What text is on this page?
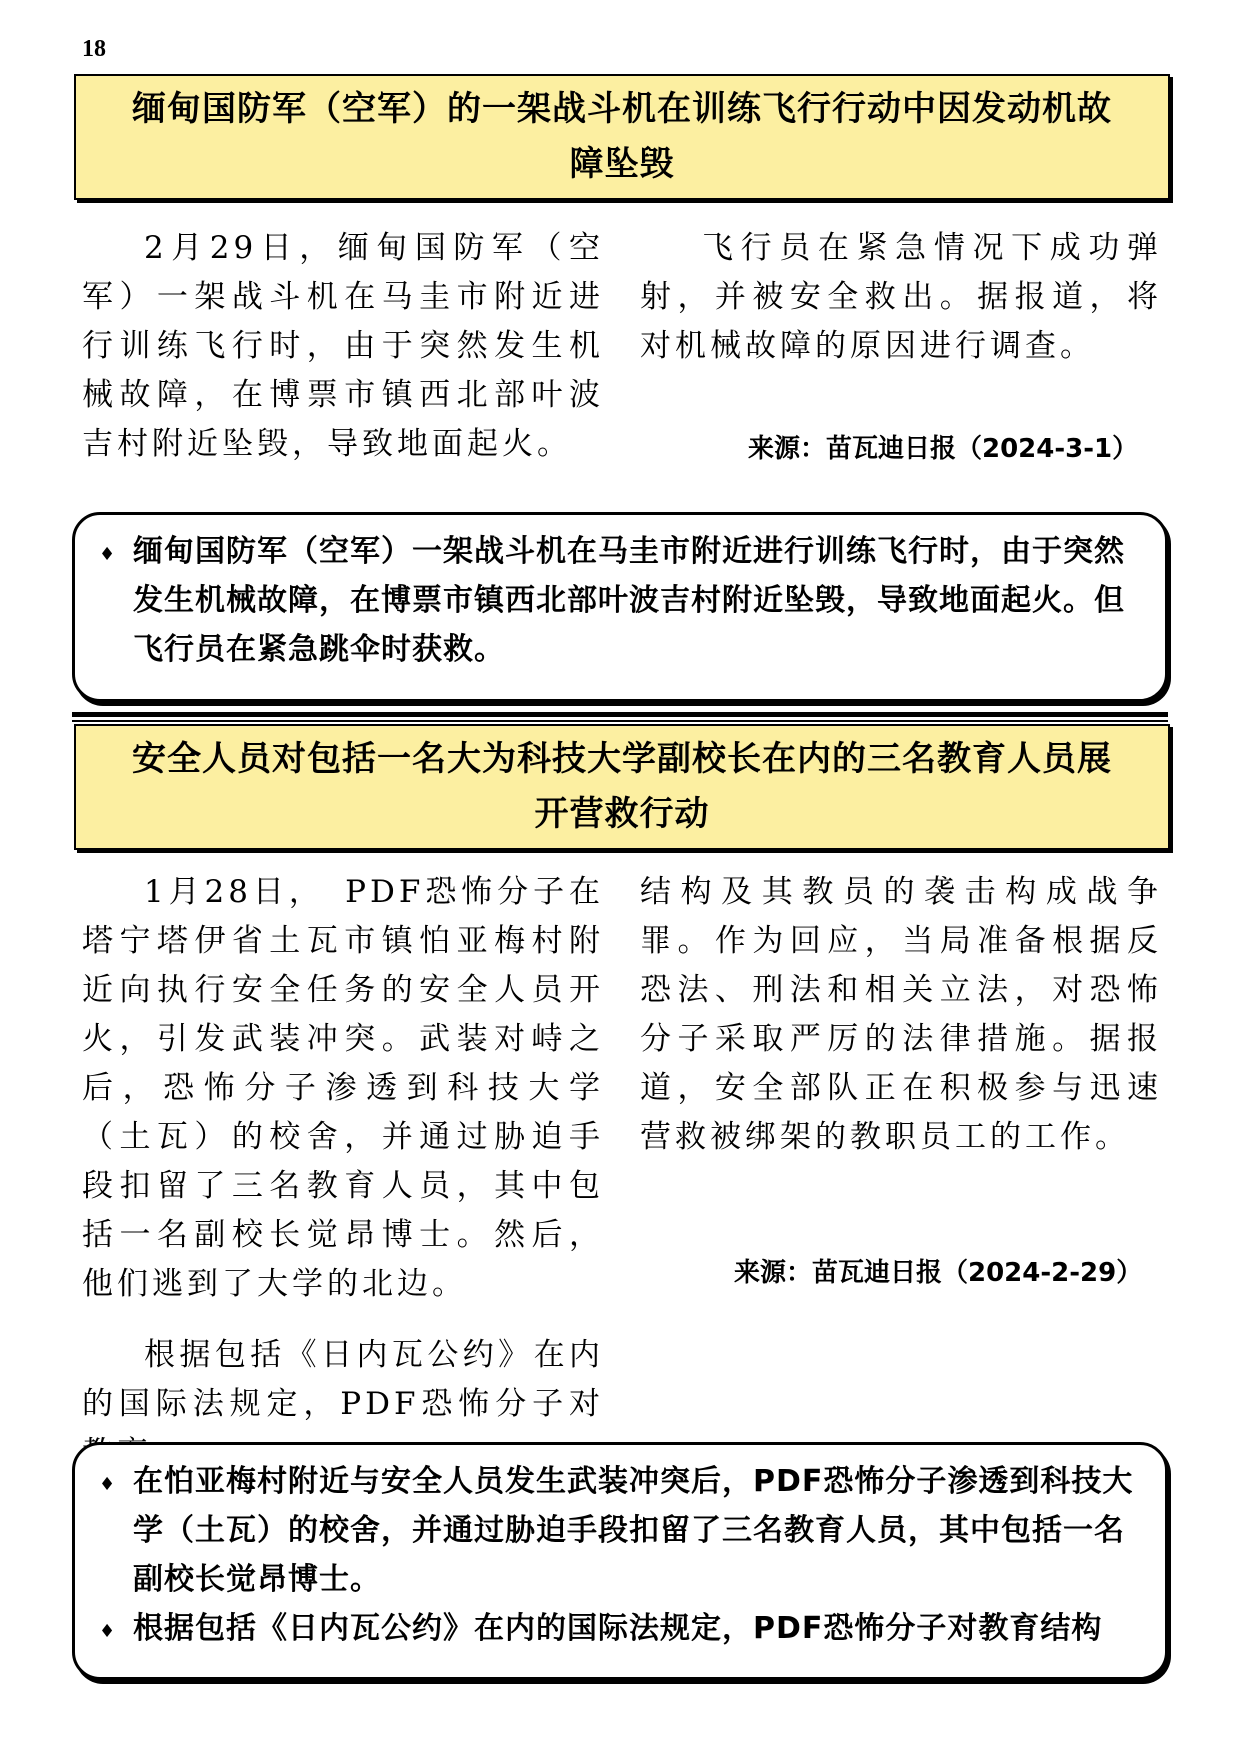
18
缅甸国防军（空军）的一架战斗机在训练飞行行动中因发动机故
障坠毁

2月29日，缅甸国防军（空军）一架战斗机在马圭市附近进行训练飞行时，由于突然发生机械故障，在博票市镇西北部叶波吉村附近坠毁，导致地面起火。

飞行员在紧急情况下成功弹射，并被安全救出。据报道，将对机械故障的原因进行调查。

来源：苗瓦迪日报（2024-3-1）
♦ 缅甸国防军（空军）一架战斗机在马圭市附近进行训练飞行时，由于突然发生机械故障，在博票市镇西北部叶波吉村附近坠毁，导致地面起火。但飞行员在紧急跳伞时获救。
安全人员对包括一名大为科技大学副校长在内的三名教育人员展
开营救行动

1月28日，　PDF恐怖分子在塔宁塔伊省土瓦市镇怕亚梅村附近向执行安全任务的安全人员开火，引发武装冲突。武装对峙之后，恐怖分子渗透到科技大学（土瓦）的校舍，并通过胁迫手段扣留了三名教育人员，其中包括一名副校长觉昂博士。然后，他们逃到了大学的北边。

根据包括《日内瓦公约》在内的国际法规定，PDF恐怖分子对

结构及其教员的袭击构成战争罪。作为回应，当局准备根据反恐法、刑法和相关立法，对恐怖分子采取严厉的法律措施。据报道，安全部队正在积极参与迅速营救被绑架的教职员工的工作。

来源：苗瓦迪日报（2024-2-29）
♦ 在怕亚梅村附近与安全人员发生武装冲突后，PDF恐怖分子渗透到科技大学（土瓦）的校舍，并通过胁迫手段扣留了三名教育人员，其中包括一名副校长觉昂博士。
♦ 根据包括《日内瓦公约》在内的国际法规定，PDF恐怖分子对教育结构
